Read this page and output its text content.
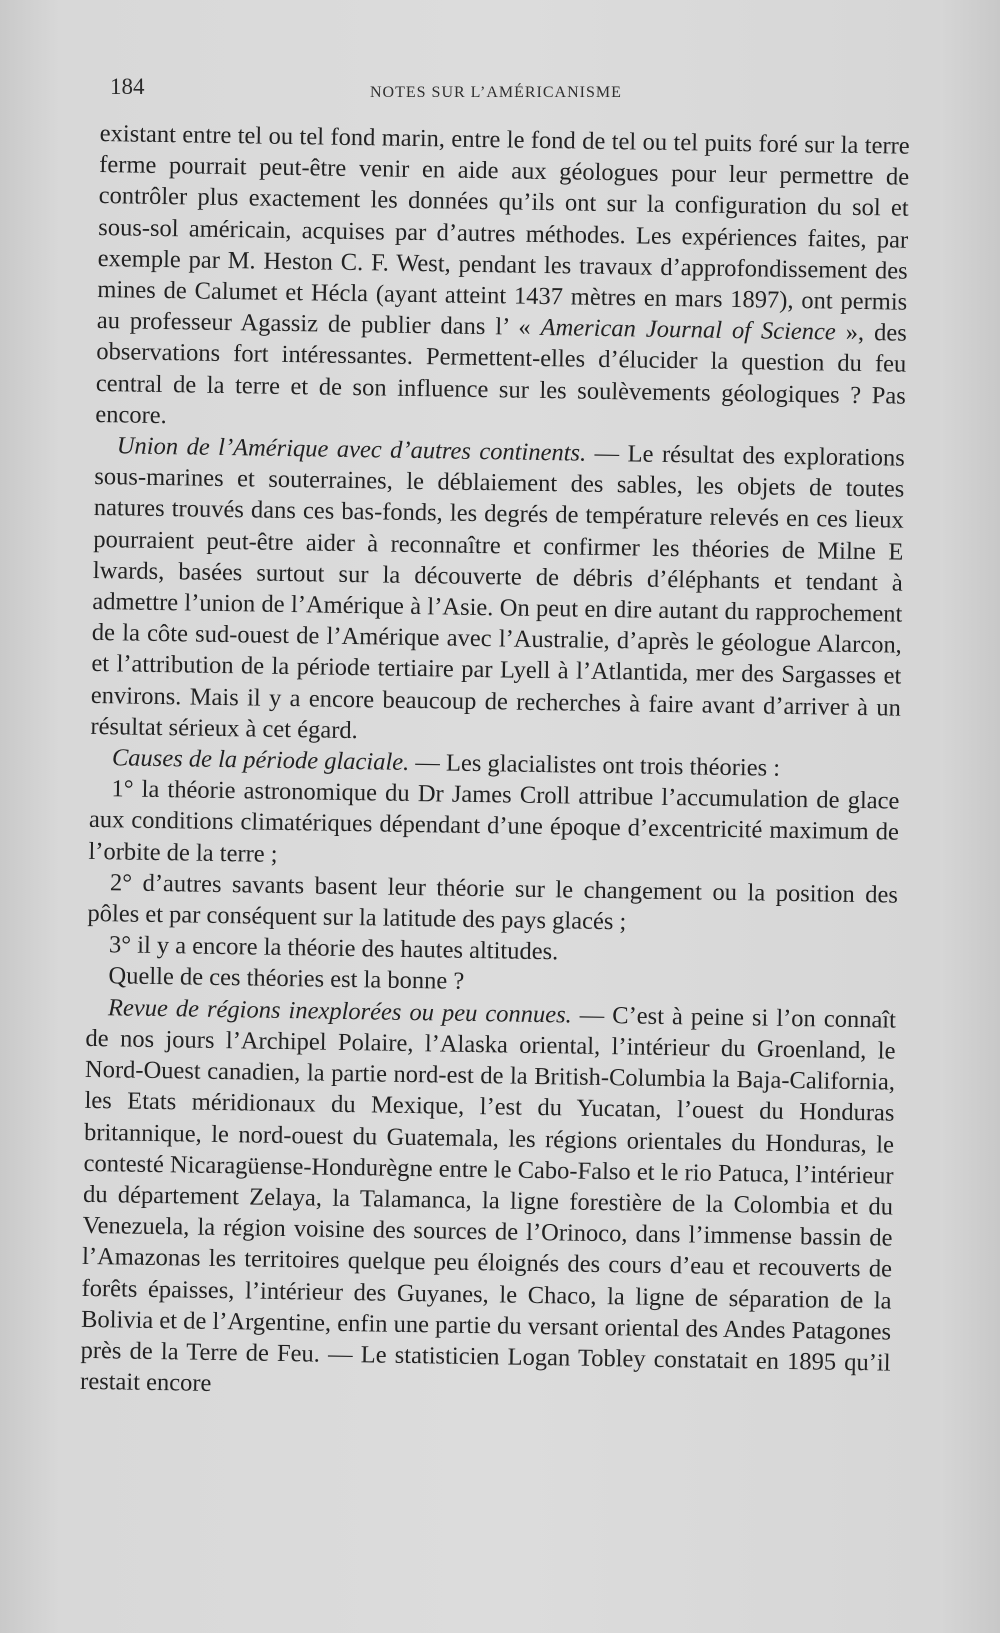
184	NOTES SUR L’AMÉRICANISME

existant entre tel ou tel fond marin, entre le fond de tel ou tel puits foré sur la terre ferme pourrait peut-être venir en aide aux géologues pour leur permettre de contrôler plus exactement les données qu’ils ont sur la configuration du sol et sous-sol américain, acquises par d’autres méthodes. Les expériences faites, par exemple par M. Heston C. F. West, pendant les travaux d’approfondissement des mines de Calumet et Hécla (ayant atteint 1437 mètres en mars 1897), ont permis au professeur Agassiz de publier dans l’ « American Journal of Science », des observations fort intéressantes. Permettent-elles d’élucider la question du feu central de la terre et de son influence sur les soulèvements géologiques ? Pas encore.

Union de l’Amérique avec d’autres continents. — Le résultat des explorations sous-marines et souterraines, le déblaiement des sables, les objets de toutes natures trouvés dans ces bas-fonds, les degrés de température relevés en ces lieux pourraient peut-être aider à reconnaître et confirmer les théories de Milne E lwards, basées surtout sur la découverte de débris d’éléphants et tendant à admettre l’union de l’Amérique à l’Asie. On peut en dire autant du rapprochement de la côte sud-ouest de l’Amérique avec l’Australie, d’après le géologue Alarcon, et l’attribution de la période tertiaire par Lyell à l’Atlantida, mer des Sargasses et environs. Mais il y a encore beaucoup de recherches à faire avant d’arriver à un résultat sérieux à cet égard.

Causes de la période glaciale. — Les glacialistes ont trois théories :

1° la théorie astronomique du Dr James Croll attribue l’accumulation de glace aux conditions climatériques dépendant d’une époque d’excentricité maximum de l’orbite de la terre ;

2° d’autres savants basent leur théorie sur le changement ou la position des pôles et par conséquent sur la latitude des pays glacés ;

3° il y a encore la théorie des hautes altitudes.

Quelle de ces théories est la bonne ?

Revue de régions inexplorées ou peu connues. — C’est à peine si l’on connaît de nos jours l’Archipel Polaire, l’Alaska oriental, l’intérieur du Groenland, le Nord-Ouest canadien, la partie nord-est de la British-Columbia la Baja-California, les Etats méridionaux du Mexique, l’est du Yucatan, l’ouest du Honduras britannique, le nord-ouest du Guatemala, les régions orientales du Honduras, le contesté Nicaragüense-Hondurègne entre le Cabo-Falso et le rio Patuca, l’intérieur du département Zelaya, la Talamanca, la ligne forestière de la Colombia et du Venezuela, la région voisine des sources de l’Orinoco, dans l’immense bassin de l’Amazonas les territoires quelque peu éloignés des cours d’eau et recouverts de forêts épaisses, l’intérieur des Guyanes, le Chaco, la ligne de séparation de la Bolivia et de l’Argentine, enfin une partie du versant oriental des Andes Patagones près de la Terre de Feu. — Le statisticien Logan Tobley constatait en 1895 qu’il restait encore
